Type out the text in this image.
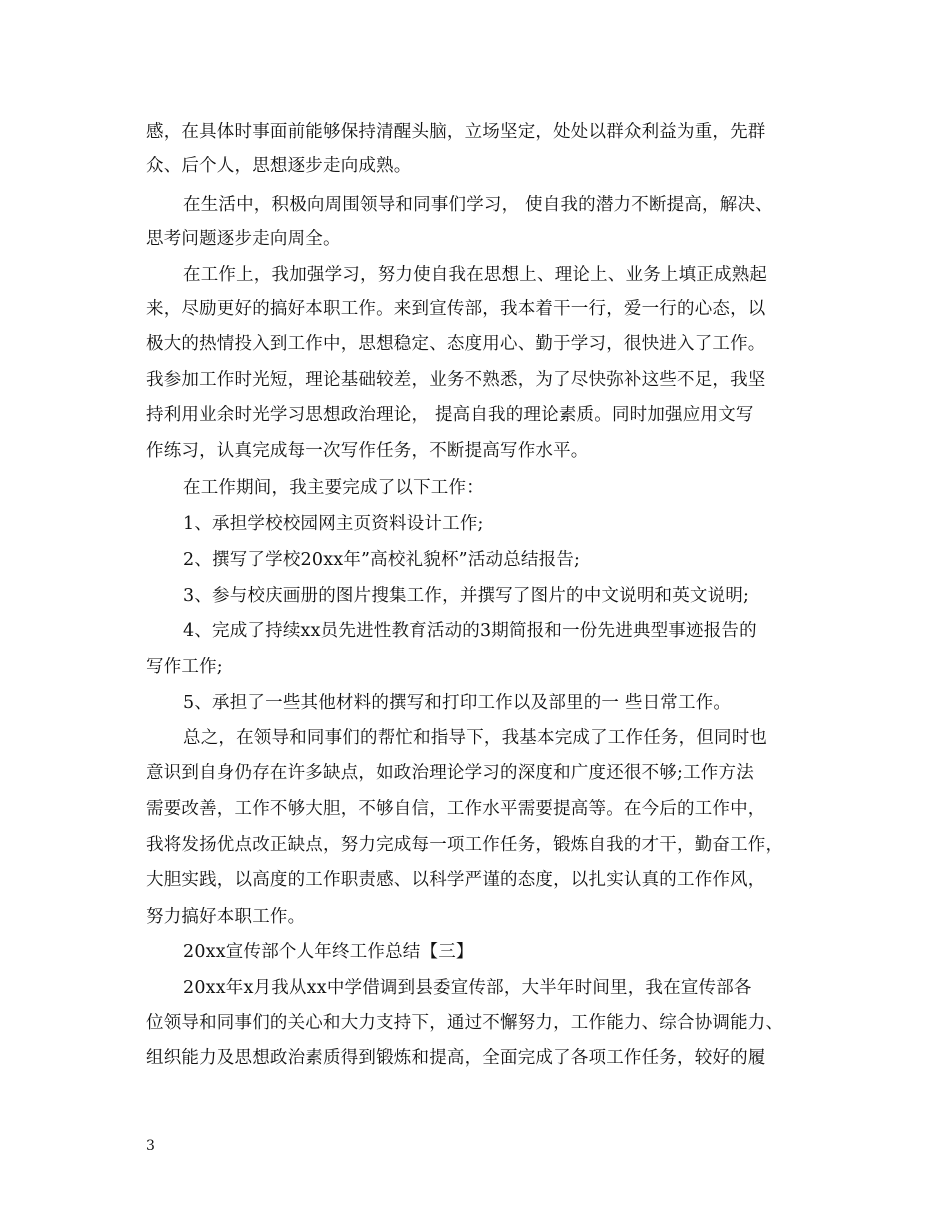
感，在具体时事面前能够保持清醒头脑，立场坚定，处处以群众利益为重，先群
众、后个人，思想逐步走向成熟。
在生活中，积极向周围领导和同事们学习， 使自我的潜力不断提高，解决、
思考问题逐步走向周全。
在工作上，我加强学习，努力使自我在思想上、理论上、业务上填正成熟起
来，尽励更好的搞好本职工作。来到宣传部，我本着干一行，爱一行的心态，以
极大的热情投入到工作中，思想稳定、态度用心、勤于学习，很快进入了工作。
我参加工作时光短，理论基础较差，业务不熟悉，为了尽快弥补这些不足，我坚
持利用业余时光学习思想政治理论， 提高自我的理论素质。同时加强应用文写
作练习，认真完成每一次写作任务，不断提高写作水平。
在工作期间，我主要完成了以下工作：
1、承担学校校园网主页资料设计工作;
2、撰写了学校20xx年”高校礼貌杯”活动总结报告;
3、参与校庆画册的图片搜集工作，并撰写了图片的中文说明和英文说明;
4、完成了持续xx员先进性教育活动的3期简报和一份先进典型事迹报告的
写作工作;
5、承担了一些其他材料的撰写和打印工作以及部里的一 些日常工作。
总之，在领导和同事们的帮忙和指导下，我基本完成了工作任务，但同时也
意识到自身仍存在许多缺点，如政治理论学习的深度和广度还很不够;工作方法
需要改善，工作不够大胆，不够自信，工作水平需要提高等。在今后的工作中，
我将发扬优点改正缺点，努力完成每一项工作任务，锻炼自我的才干，勤奋工作，
大胆实践，以高度的工作职责感、以科学严谨的态度，以扎实认真的工作作风，
努力搞好本职工作。
20xx宣传部个人年终工作总结【三】
20xx年x月我从xx中学借调到县委宣传部，大半年时间里，我在宣传部各
位领导和同事们的关心和大力支持下，通过不懈努力，工作能力、综合协调能力、
组织能力及思想政治素质得到锻炼和提高，全面完成了各项工作任务，较好的履
3
